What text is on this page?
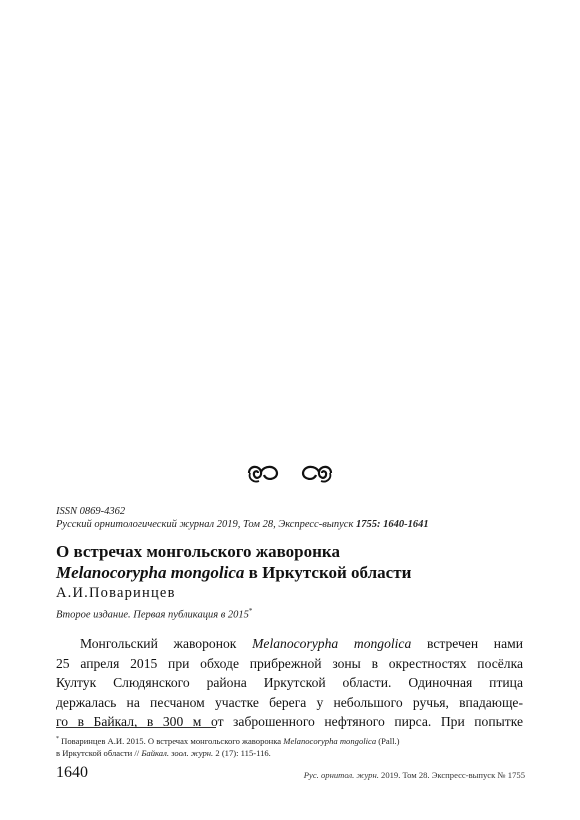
ISSN 0869-4362
Русский орнитологический журнал 2019, Том 28, Экспресс-выпуск 1755: 1640-1641
О встречах монгольского жаворонка
Melanocorypha mongolica в Иркутской области
А.И.Поваринцев
Второе издание. Первая публикация в 2015*
Монгольский жаворонок Melanocorypha mongolica встречен нами
25 апреля 2015 при обходе прибрежной зоны в окрестностях посёлка
Култук Слюдянского района Иркутской области. Одиночная птица
держалась на песчаном участке берега у небольшого ручья, впадающе-
го в Байкал, в 300 м от заброшенного нефтяного пирса. При попытке
* Поваринцев А.И. 2015. О встречах монгольского жаворонка Melanocorypha mongolica (Pall.)
в Иркутской области // Байкал. зоол. журн. 2 (17): 115-116.
1640	Рус. орнитол. журн. 2019. Том 28. Экспресс-выпуск № 1755
